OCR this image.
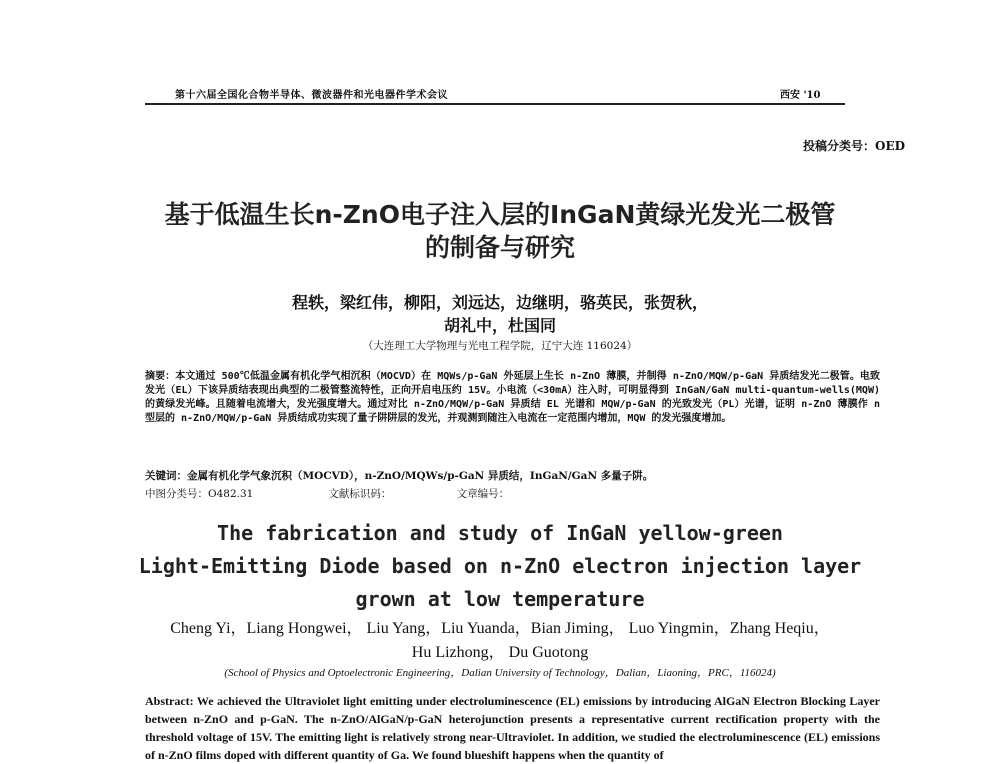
第十六届全国化合物半导体、微波器件和光电器件学术会议	西安 '10
投稿分类号：OED
基于低温生长n-ZnO电子注入层的InGaN黄绿光发光二极管
的制备与研究
程轶，梁红伟，柳阳，刘远达，边继明，骆英民，张贺秋，
胡礼中，杜国同
（大连理工大学物理与光电工程学院，辽宁大连 116024）
摘要：本文通过 500℃低温金属有机化学气相沉积（MOCVD）在 MQWs/p-GaN 外延层上生长 n-ZnO 薄膜，并制得 n-ZnO/MQW/p-GaN 异质结发光二极管。电致发光（EL）下该异质结表现出典型的二极管整流特性，正向开启电压约 15V。小电流（<30mA）注入时，可明显得到 InGaN/GaN multi-quantum-wells(MQW)的黄绿发光峰。且随着电流增大，发光强度增大。通过对比 n-ZnO/MQW/p-GaN 异质结 EL 光谱和 MQW/p-GaN 的光致发光（PL）光谱，证明 n-ZnO 薄膜作 n 型层的 n-ZnO/MQW/p-GaN 异质结成功实现了量子阱阱层的发光，并观测到随注入电流在一定范围内增加，MQW 的发光强度增加。
关键词：金属有机化学气象沉积（MOCVD），n-ZnO/MQWs/p-GaN 异质结，InGaN/GaN 多量子阱。
中图分类号：O482.31	文献标识码：	文章编号：
The fabrication and study of InGaN yellow-green
Light-Emitting Diode based on n-ZnO electron injection layer
grown at low temperature
Cheng Yi，Liang Hongwei， Liu Yang，Liu Yuanda，Bian Jiming， Luo Yingmin，Zhang Heqiu，
Hu Lizhong， Du Guotong
(School of Physics and Optoelectronic Engineering，Dalian University of Technology，Dalian，Liaoning，PRC，116024)
Abstract: We achieved the Ultraviolet light emitting under electroluminescence (EL) emissions by introducing AlGaN Electron Blocking Layer between n-ZnO and p-GaN. The n-ZnO/AlGaN/p-GaN heterojunction presents a representative current rectification property with the threshold voltage of 15V. The emitting light is relatively strong near-Ultraviolet. In addition, we studied the electroluminescence (EL) emissions of n-ZnO films doped with different quantity of Ga. We found blueshift happens when the quantity of
